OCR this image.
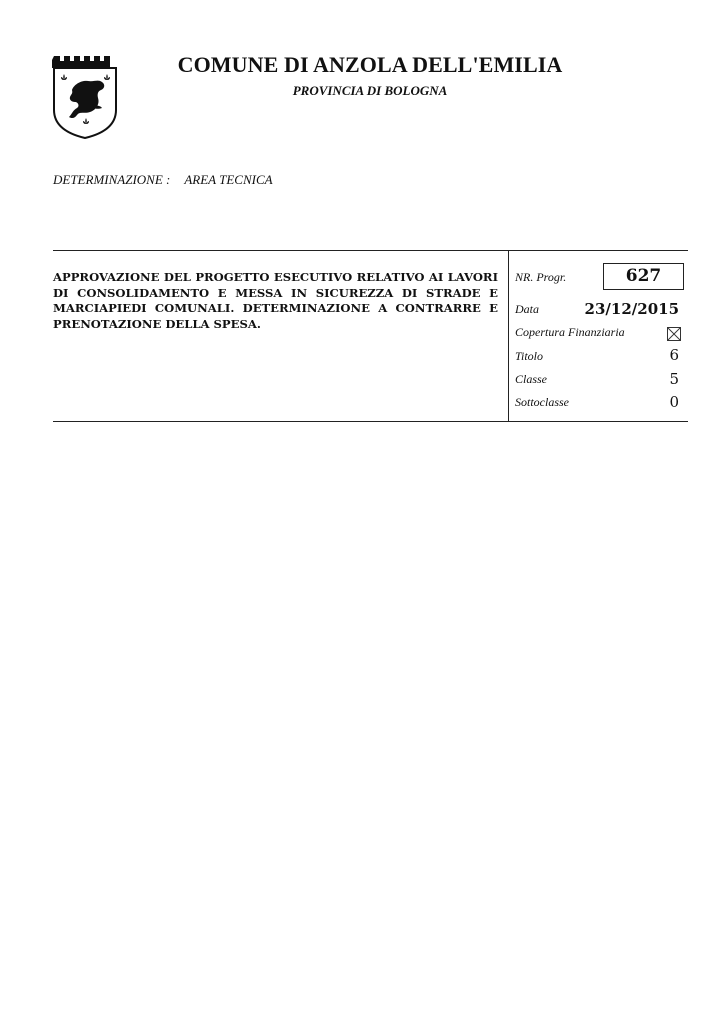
COMUNE DI ANZOLA DELL'EMILIA
PROVINCIA DI BOLOGNA
DETERMINAZIONE : AREA TECNICA
APPROVAZIONE DEL PROGETTO ESECUTIVO RELATIVO AI LAVORI DI CONSOLIDAMENTO E MESSA IN SICUREZZA DI STRADE E MARCIAPIEDI COMUNALI. DETERMINAZIONE A CONTRARRE E PRENOTAZIONE DELLA SPESA.
NR. Progr.	627
Data	23/12/2015
Copertura Finanziaria
Titolo	6
Classe	5
Sottoclasse	0
